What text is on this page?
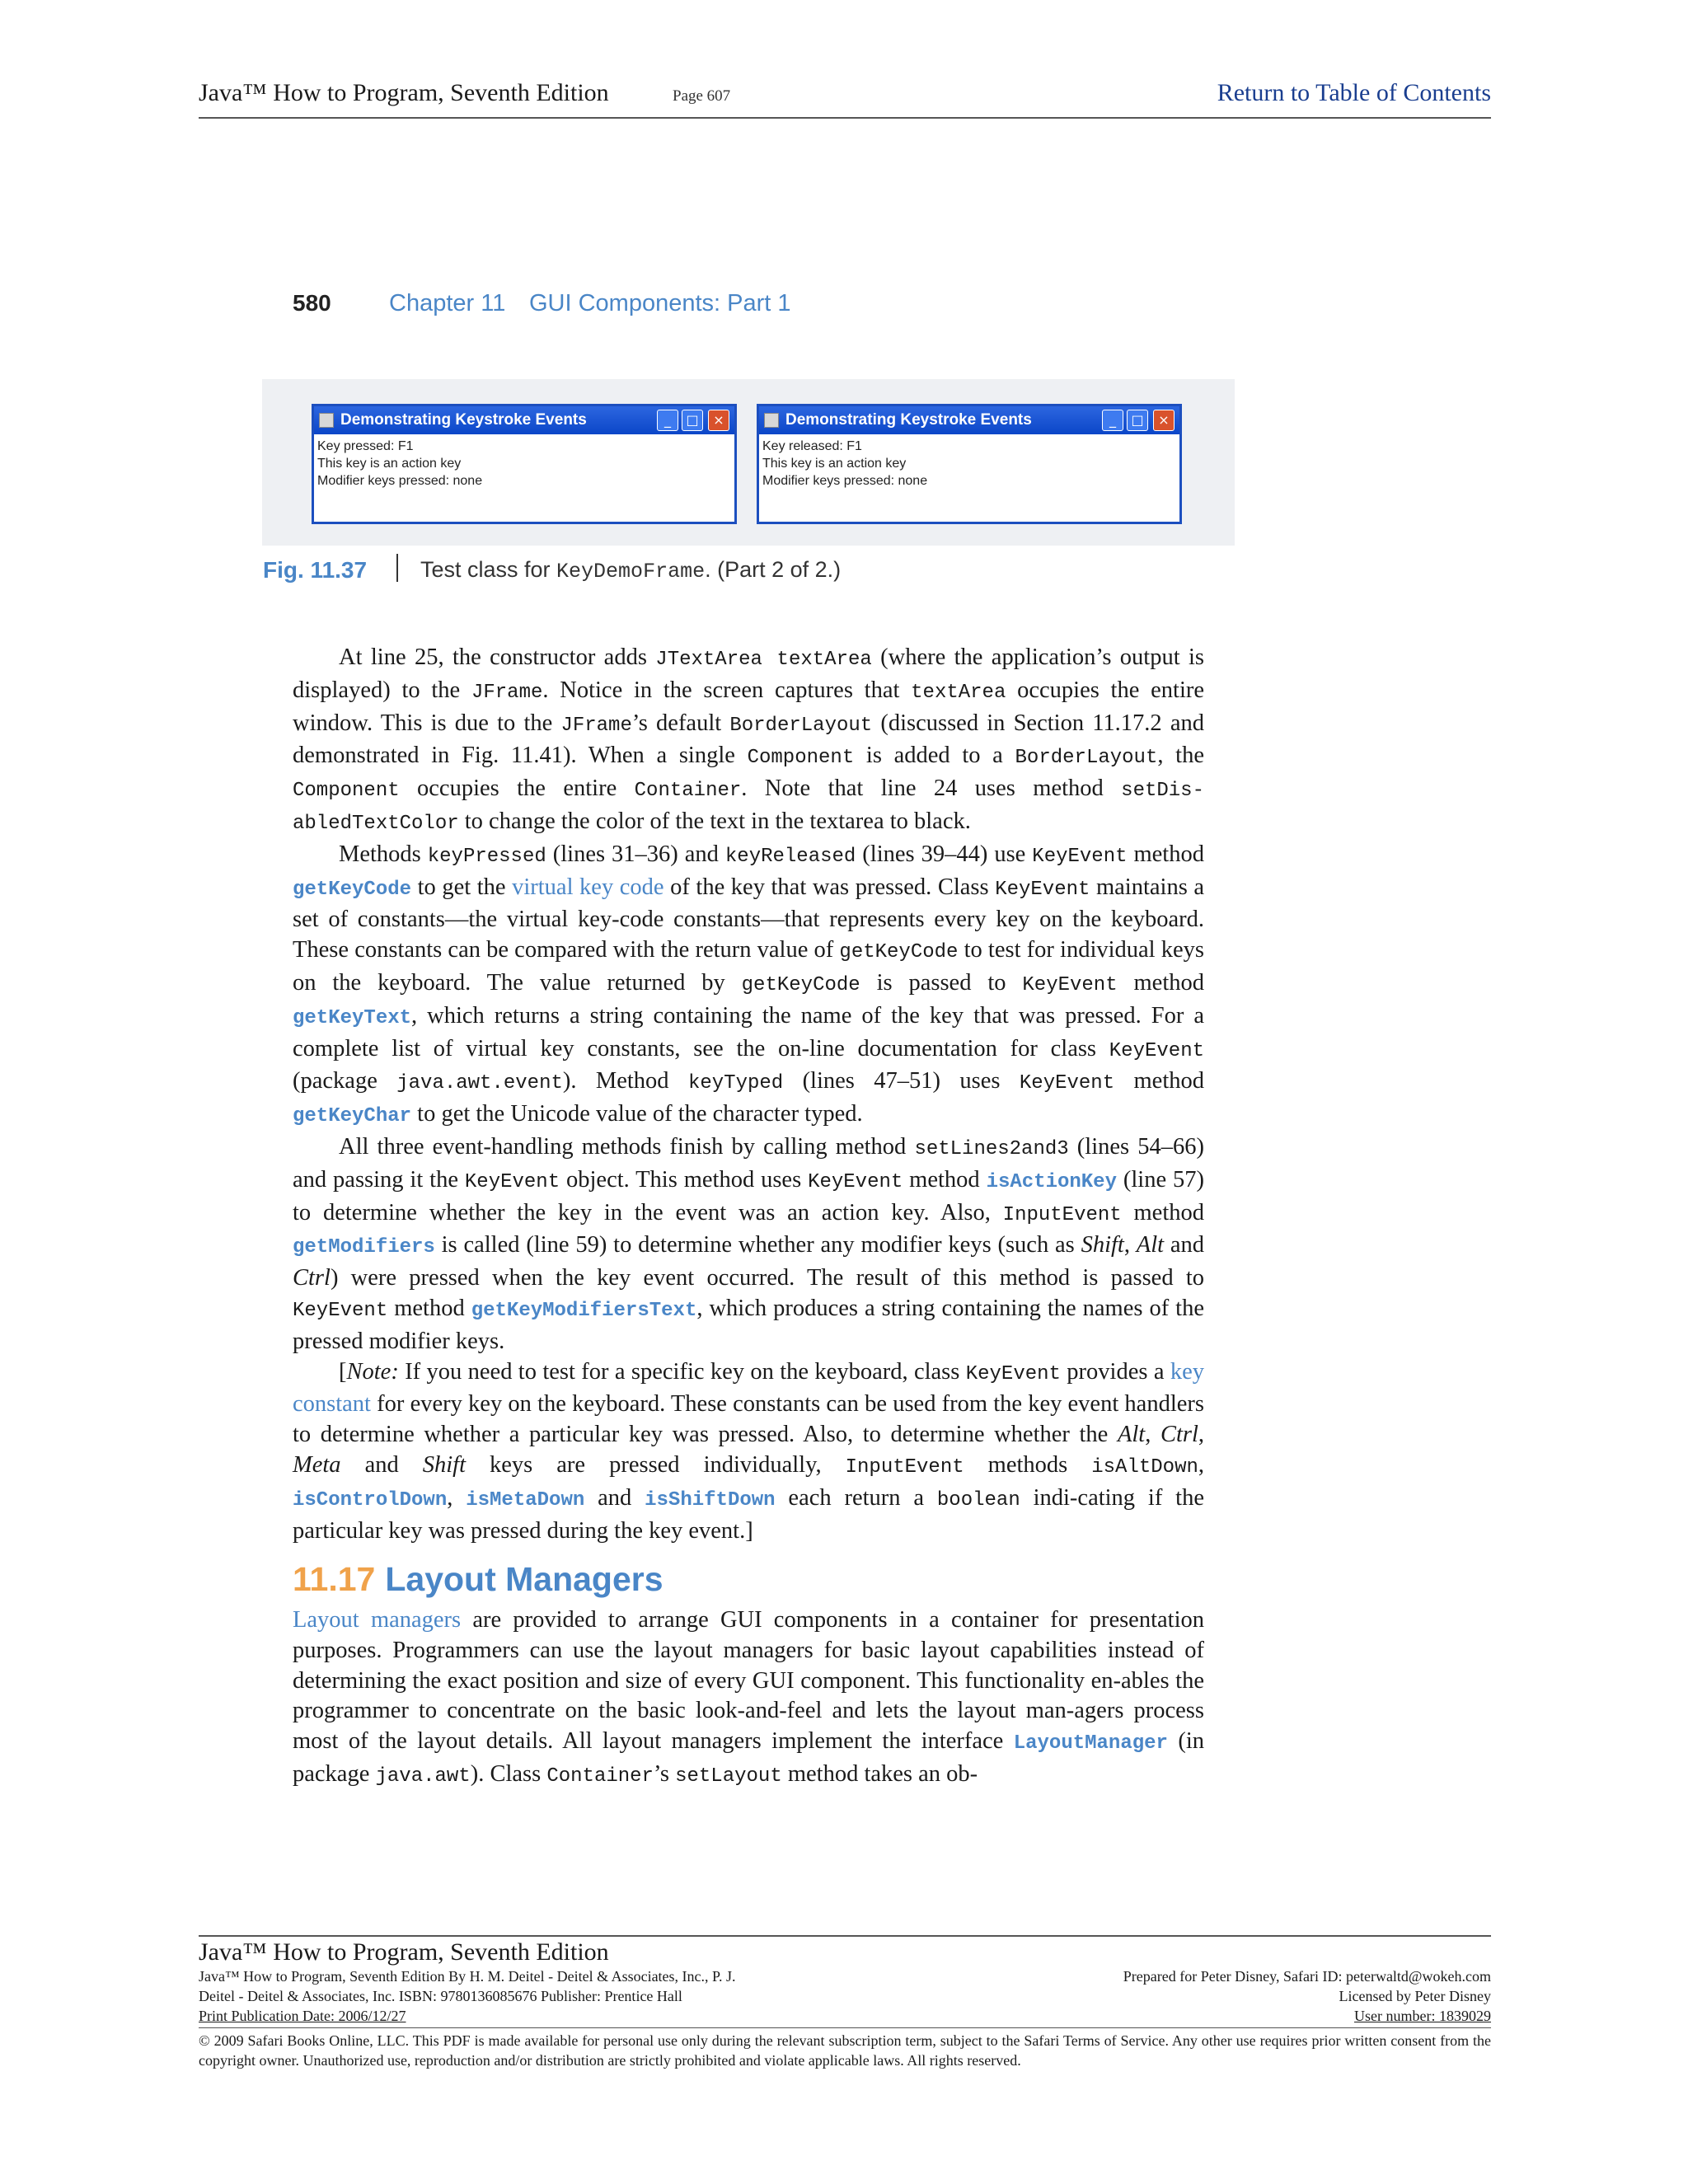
Java™ How to Program, Seventh Edition	Page 607	Return to Table of Contents
580 Chapter 11 GUI Components: Part 1
Demonstrating Keystroke Events	_	□	×
Key pressed: F1
This key is an action key
Modifier keys pressed: none
Demonstrating Keystroke Events	_	□	×
Key released: F1
This key is an action key
Modifier keys pressed: none
Fig. 11.37 Test class for KeyDemoFrame. (Part 2 of 2.)

At line 25, the constructor adds JTextArea textArea (where the application’s output is displayed) to the JFrame. Notice in the screen captures that textArea occupies the entire window. This is due to the JFrame’s default BorderLayout (discussed in Section 11.17.2 and demonstrated in Fig. 11.41). When a single Component is added to a BorderLayout, the Component occupies the entire Container. Note that line 24 uses method setDis-abledTextColor to change the color of the text in the textarea to black.

Methods keyPressed (lines 31–36) and keyReleased (lines 39–44) use KeyEvent method getKeyCode to get the virtual key code of the key that was pressed. Class KeyEvent maintains a set of constants—the virtual key-code constants—that represents every key on the keyboard. These constants can be compared with the return value of getKeyCode to test for individual keys on the keyboard. The value returned by getKeyCode is passed to KeyEvent method getKeyText, which returns a string containing the name of the key that was pressed. For a complete list of virtual key constants, see the on-line documentation for class KeyEvent (package java.awt.event). Method keyTyped (lines 47–51) uses KeyEvent method getKeyChar to get the Unicode value of the character typed.

All three event-handling methods finish by calling method setLines2and3 (lines 54–66) and passing it the KeyEvent object. This method uses KeyEvent method isActionKey (line 57) to determine whether the key in the event was an action key. Also, InputEvent method getModifiers is called (line 59) to determine whether any modifier keys (such as Shift, Alt and Ctrl) were pressed when the key event occurred. The result of this method is passed to KeyEvent method getKeyModifiersText, which produces a string containing the names of the pressed modifier keys.

[Note: If you need to test for a specific key on the keyboard, class KeyEvent provides a key constant for every key on the keyboard. These constants can be used from the key event handlers to determine whether a particular key was pressed. Also, to determine whether the Alt, Ctrl, Meta and Shift keys are pressed individually, InputEvent methods isAltDown, isControlDown, isMetaDown and isShiftDown each return a boolean indi-cating if the particular key was pressed during the key event.]

11.17 Layout Managers

Layout managers are provided to arrange GUI components in a container for presentation purposes. Programmers can use the layout managers for basic layout capabilities instead of determining the exact position and size of every GUI component. This functionality en-ables the programmer to concentrate on the basic look-and-feel and lets the layout man-agers process most of the layout details. All layout managers implement the interface LayoutManager (in package java.awt). Class Container’s setLayout method takes an ob-

Java™ How to Program, Seventh Edition
Java™ How to Program, Seventh Edition By H. M. Deitel - Deitel & Associates, Inc., P. J.
Deitel - Deitel & Associates, Inc. ISBN: 9780136085676 Publisher: Prentice Hall
Print Publication Date: 2006/12/27
Prepared for Peter Disney, Safari ID: peterwaltd@wokeh.com
Licensed by Peter Disney
User number: 1839029
© 2009 Safari Books Online, LLC. This PDF is made available for personal use only during the relevant subscription term, subject to the Safari Terms of Service. Any other use requires prior written consent from the copyright owner. Unauthorized use, reproduction and/or distribution are strictly prohibited and violate applicable laws. All rights reserved.
